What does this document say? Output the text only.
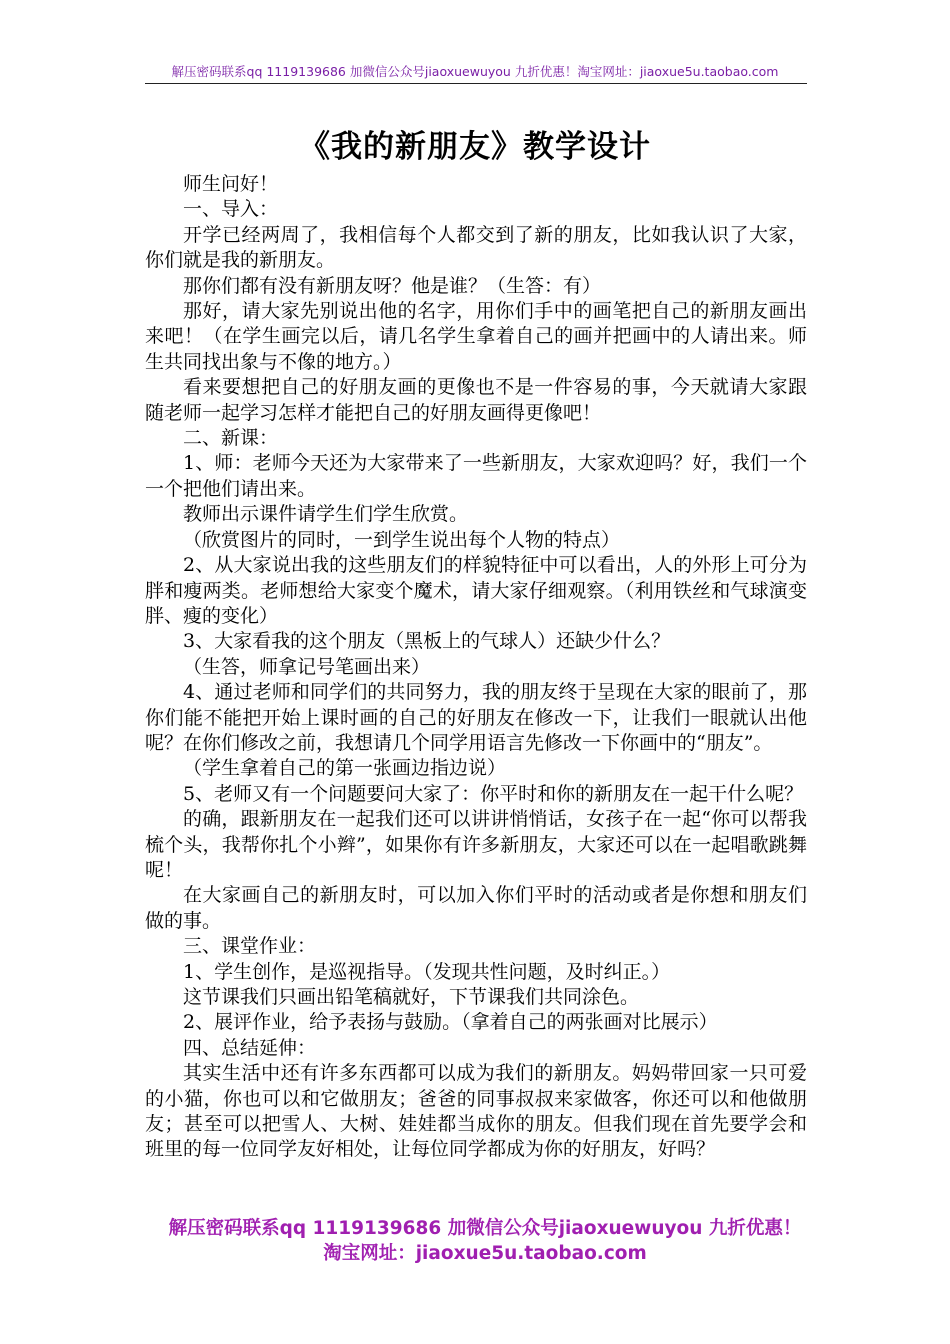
解压密码联系qq 1119139686 加微信公众号jiaoxuewuyou 九折优惠！淘宝网址：jiaoxue5u.taobao.com
《我的新朋友》教学设计

师生问好！

一、导入：

开学已经两周了，我相信每个人都交到了新的朋友，比如我认识了大家，你们就是我的新朋友。

那你们都有没有新朋友呀？他是谁？（生答：有）

那好，请大家先别说出他的名字，用你们手中的画笔把自己的新朋友画出来吧！（在学生画完以后，请几名学生拿着自己的画并把画中的人请出来。师生共同找出象与不像的地方。）

看来要想把自己的好朋友画的更像也不是一件容易的事，今天就请大家跟随老师一起学习怎样才能把自己的好朋友画得更像吧！

二、新课：

1、师：老师今天还为大家带来了一些新朋友，大家欢迎吗？好，我们一个一个把他们请出来。

教师出示课件请学生们学生欣赏。

（欣赏图片的同时，一到学生说出每个人物的特点）

2、从大家说出我的这些朋友们的样貌特征中可以看出，人的外形上可分为胖和瘦两类。老师想给大家变个魔术，请大家仔细观察。（利用铁丝和气球演变胖、瘦的变化）

3、大家看我的这个朋友（黑板上的气球人）还缺少什么？

（生答，师拿记号笔画出来）

4、通过老师和同学们的共同努力，我的朋友终于呈现在大家的眼前了，那你们能不能把开始上课时画的自己的好朋友在修改一下，让我们一眼就认出他呢？在你们修改之前，我想请几个同学用语言先修改一下你画中的“朋友”。

（学生拿着自己的第一张画边指边说）

5、老师又有一个问题要问大家了：你平时和你的新朋友在一起干什么呢？

的确，跟新朋友在一起我们还可以讲讲悄悄话，女孩子在一起“你可以帮我梳个头，我帮你扎个小辫”，如果你有许多新朋友，大家还可以在一起唱歌跳舞呢！

在大家画自己的新朋友时，可以加入你们平时的活动或者是你想和朋友们做的事。

三、课堂作业：

1、学生创作，是巡视指导。（发现共性问题，及时纠正。）

这节课我们只画出铅笔稿就好，下节课我们共同涂色。

2、展评作业，给予表扬与鼓励。（拿着自己的两张画对比展示）

四、总结延伸：

其实生活中还有许多东西都可以成为我们的新朋友。妈妈带回家一只可爱的小猫，你也可以和它做朋友；爸爸的同事叔叔来家做客，你还可以和他做朋友；甚至可以把雪人、大树、娃娃都当成你的朋友。但我们现在首先要学会和班里的每一位同学友好相处，让每位同学都成为你的好朋友，好吗？

解压密码联系qq 1119139686 加微信公众号jiaoxuewuyou 九折优惠！
淘宝网址：jiaoxue5u.taobao.com
